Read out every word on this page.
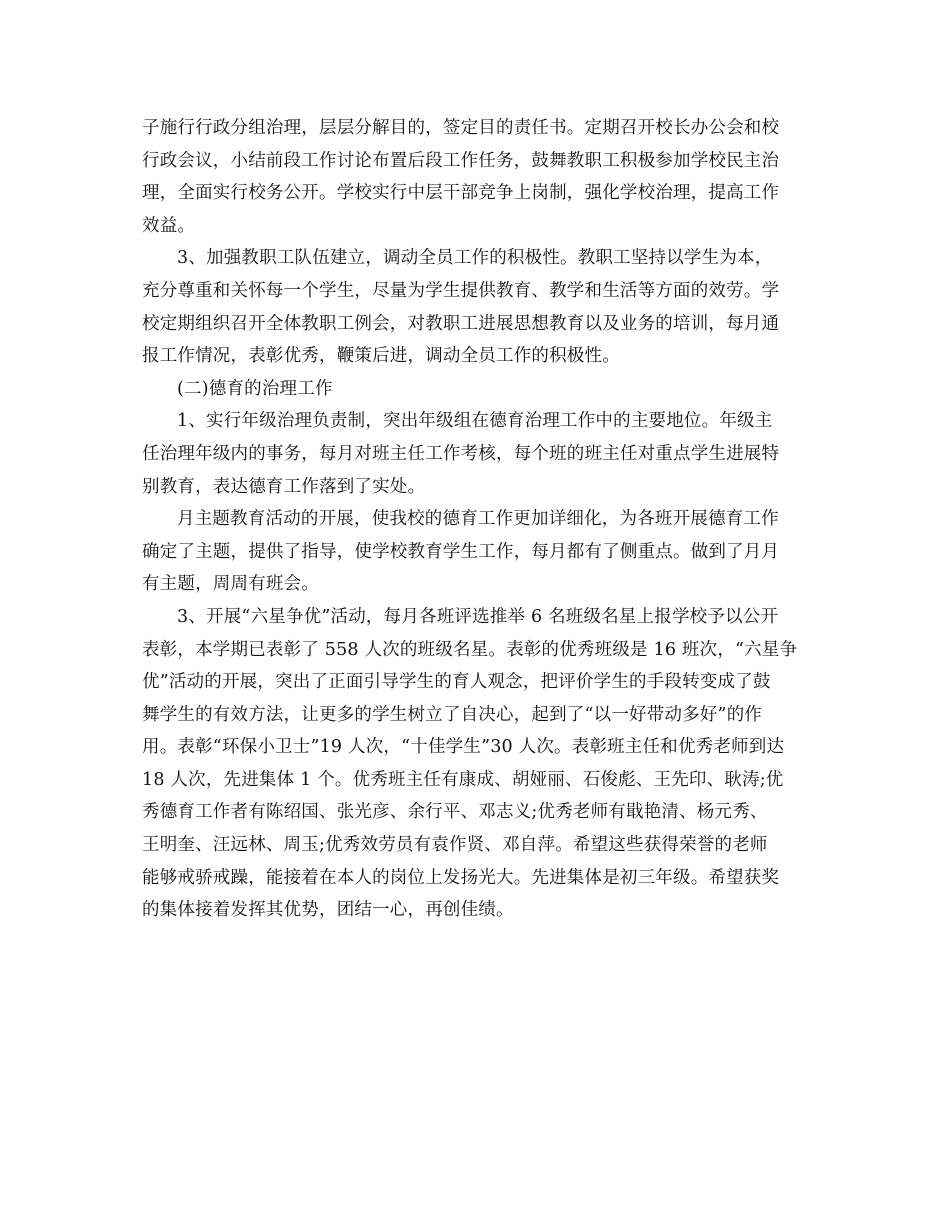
子施行行政分组治理，层层分解目的，签定目的责任书。定期召开校长办公会和校
行政会议，小结前段工作讨论布置后段工作任务，鼓舞教职工积极参加学校民主治
理，全面实行校务公开。学校实行中层干部竞争上岗制，强化学校治理，提高工作
效益。
3、加强教职工队伍建立，调动全员工作的积极性。教职工坚持以学生为本，
充分尊重和关怀每一个学生，尽量为学生提供教育、教学和生活等方面的效劳。学
校定期组织召开全体教职工例会，对教职工进展思想教育以及业务的培训，每月通
报工作情况，表彰优秀，鞭策后进，调动全员工作的积极性。
(二)德育的治理工作
1、实行年级治理负责制，突出年级组在德育治理工作中的主要地位。年级主
任治理年级内的事务，每月对班主任工作考核，每个班的班主任对重点学生进展特
别教育，表达德育工作落到了实处。
月主题教育活动的开展，使我校的德育工作更加详细化，为各班开展德育工作
确定了主题，提供了指导，使学校教育学生工作，每月都有了侧重点。做到了月月
有主题，周周有班会。
3、开展“六星争优”活动，每月各班评选推举 6 名班级名星上报学校予以公开
表彰，本学期已表彰了 558 人次的班级名星。表彰的优秀班级是 16 班次，“六星争
优”活动的开展，突出了正面引导学生的育人观念，把评价学生的手段转变成了鼓
舞学生的有效方法，让更多的学生树立了自决心，起到了“以一好带动多好”的作
用。表彰“环保小卫士”19 人次，“十佳学生”30 人次。表彰班主任和优秀老师到达
18 人次，先进集体 1 个。优秀班主任有康成、胡娅丽、石俊彪、王先印、耿涛;优
秀德育工作者有陈绍国、张光彦、余行平、邓志义;优秀老师有戢艳清、杨元秀、
王明奎、汪远林、周玉;优秀效劳员有袁作贤、邓自萍。希望这些获得荣誉的老师
能够戒骄戒躁，能接着在本人的岗位上发扬光大。先进集体是初三年级。希望获奖
的集体接着发挥其优势，团结一心，再创佳绩。
